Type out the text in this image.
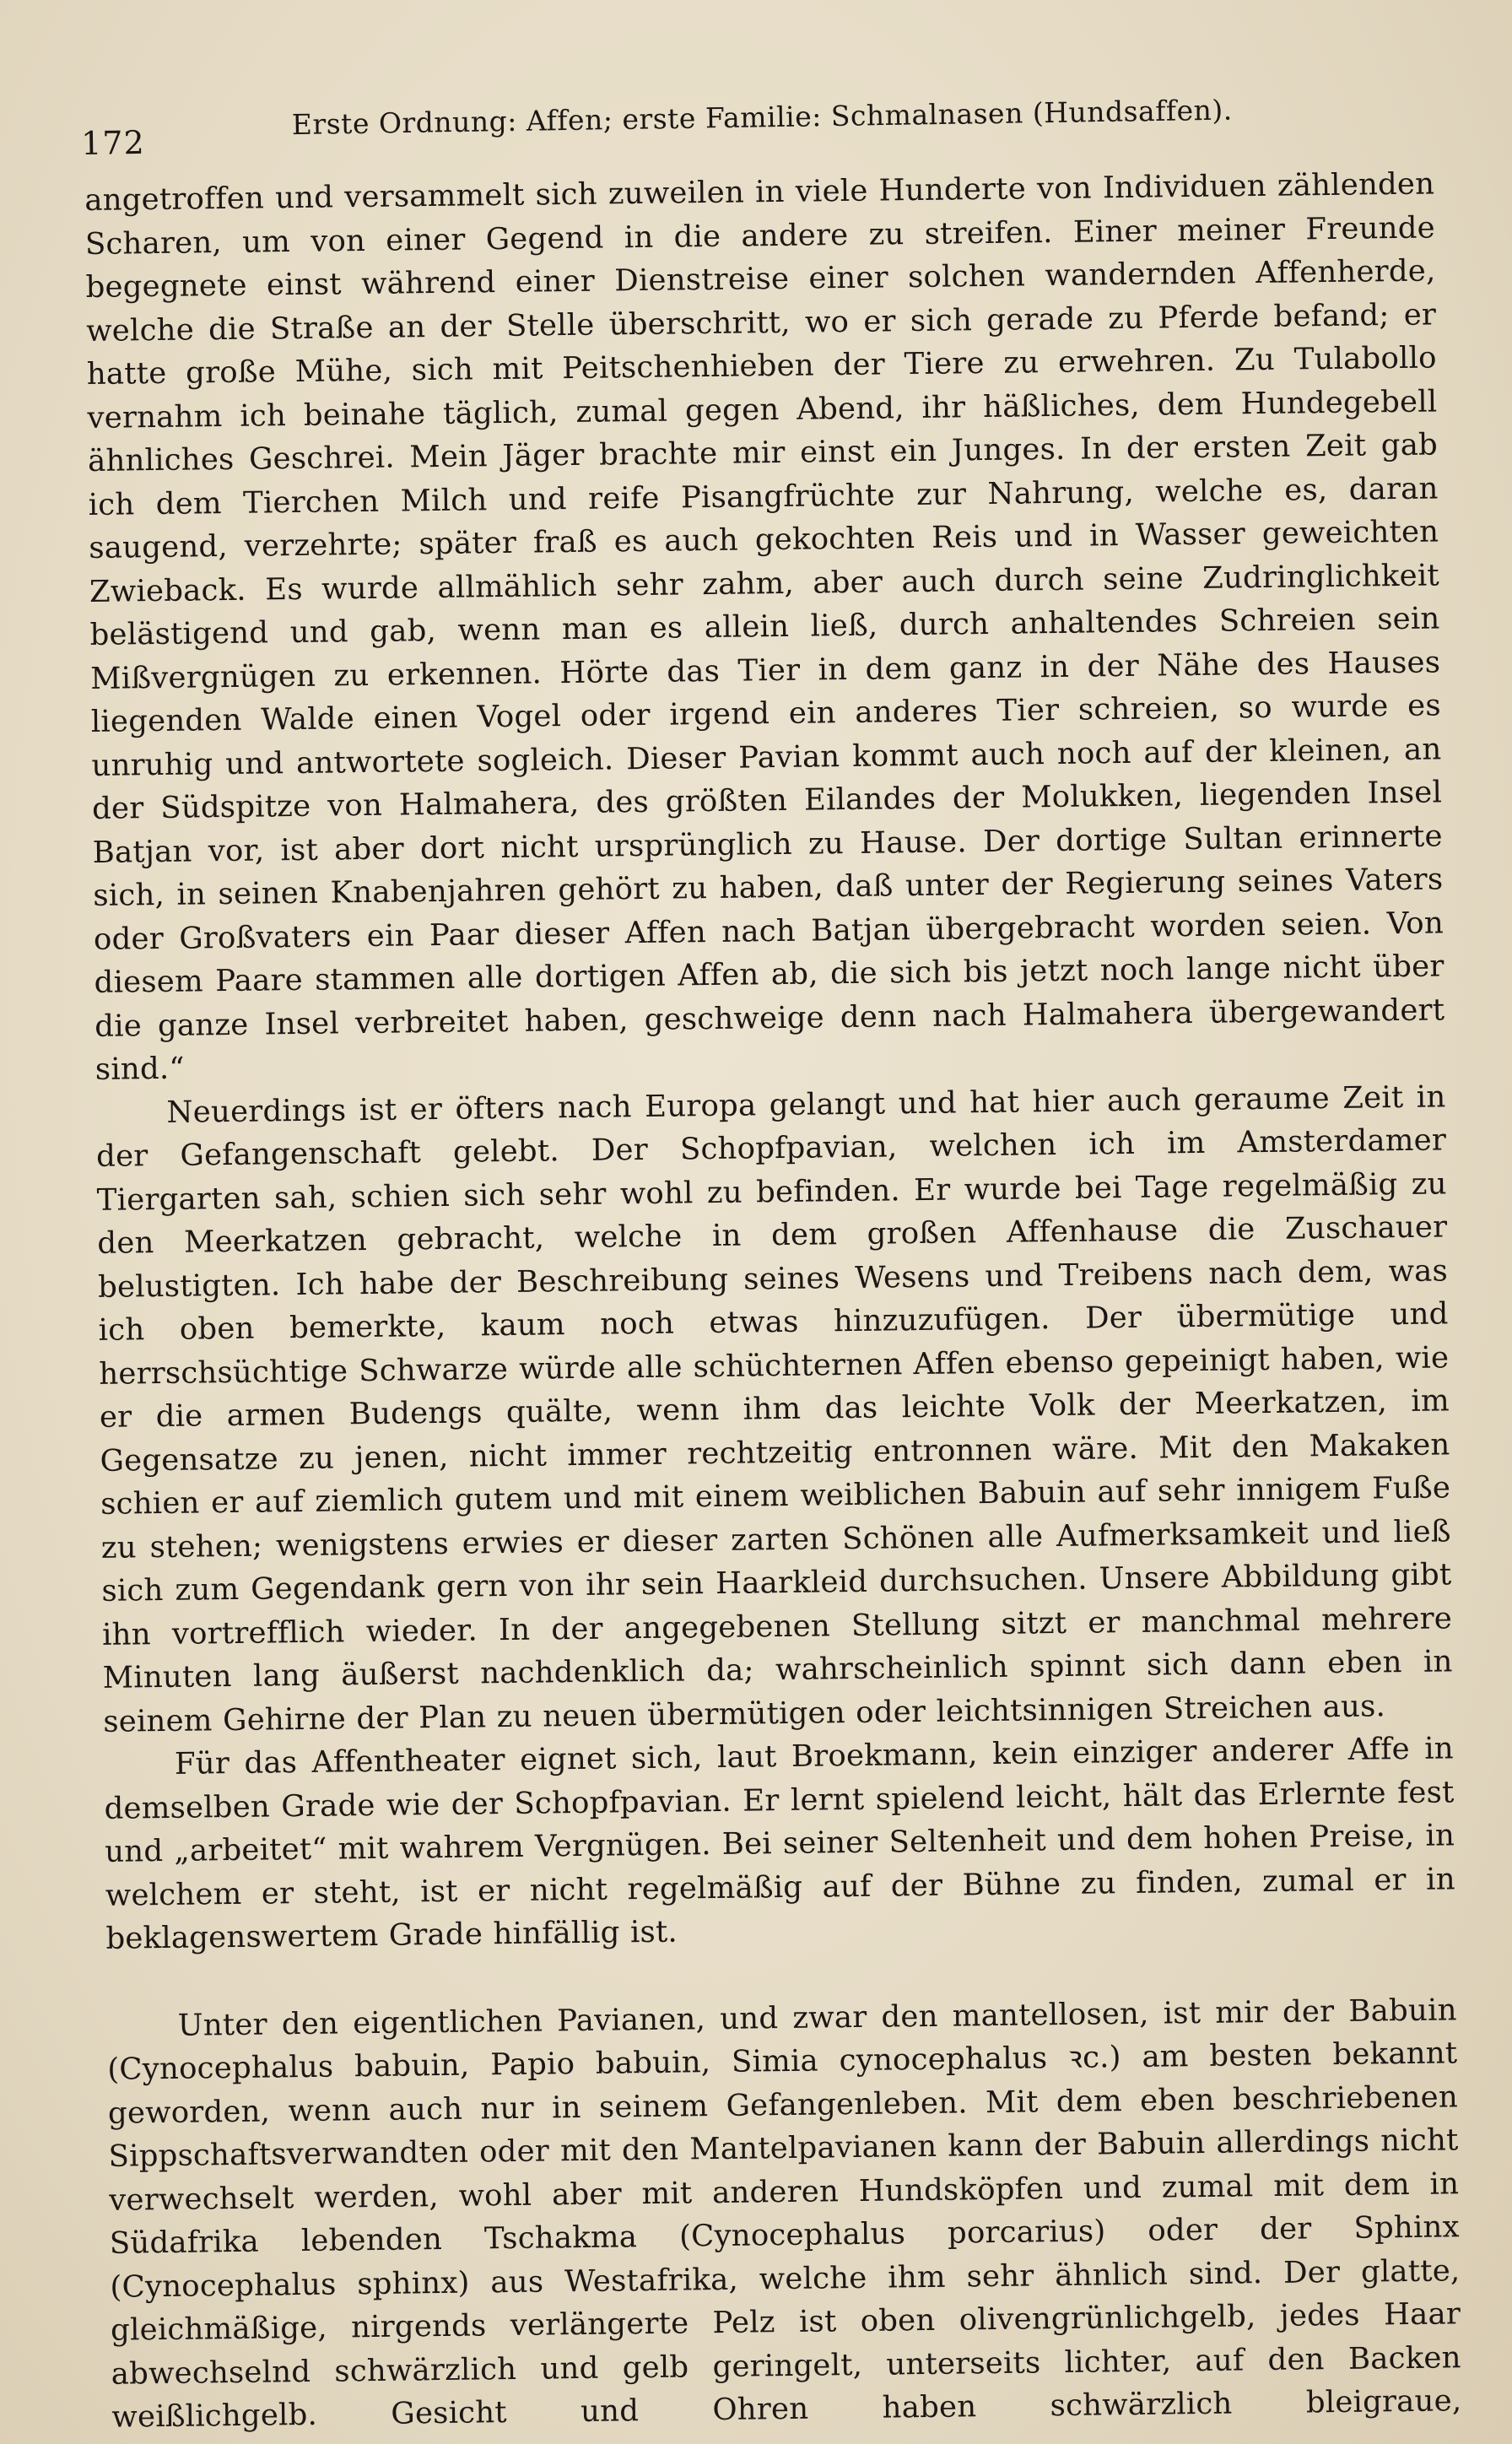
172
Erste Ordnung: Affen; erste Familie: Schmalnasen (Hundsaffen).

angetroffen und versammelt sich zuweilen in viele Hunderte von Individuen zählenden Scharen, um von einer Gegend in die andere zu streifen. Einer meiner Freunde begegnete einst während einer Dienstreise einer solchen wandernden Affenherde, welche die Straße an der Stelle überschritt, wo er sich gerade zu Pferde befand; er hatte große Mühe, sich mit Peitschenhieben der Tiere zu erwehren. Zu Tulabollo vernahm ich beinahe täglich, zumal gegen Abend, ihr häßliches, dem Hundegebell ähnliches Geschrei. Mein Jäger brachte mir einst ein Junges. In der ersten Zeit gab ich dem Tierchen Milch und reife Pisangfrüchte zur Nahrung, welche es, daran saugend, verzehrte; später fraß es auch gekochten Reis und in Wasser geweichten Zwieback. Es wurde allmählich sehr zahm, aber auch durch seine Zudringlichkeit belästigend und gab, wenn man es allein ließ, durch anhaltendes Schreien sein Mißvergnügen zu erkennen. Hörte das Tier in dem ganz in der Nähe des Hauses liegenden Walde einen Vogel oder irgend ein anderes Tier schreien, so wurde es unruhig und antwortete sogleich. Dieser Pavian kommt auch noch auf der kleinen, an der Südspitze von Halmahera, des größten Eilandes der Molukken, liegenden Insel Batjan vor, ist aber dort nicht ursprünglich zu Hause. Der dortige Sultan erinnerte sich, in seinen Knabenjahren gehört zu haben, daß unter der Regierung seines Vaters oder Großvaters ein Paar dieser Affen nach Batjan übergebracht worden seien. Von diesem Paare stammen alle dortigen Affen ab, die sich bis jetzt noch lange nicht über die ganze Insel verbreitet haben, geschweige denn nach Halmahera übergewandert sind.“

Neuerdings ist er öfters nach Europa gelangt und hat hier auch geraume Zeit in der Gefangenschaft gelebt. Der Schopfpavian, welchen ich im Amsterdamer Tiergarten sah, schien sich sehr wohl zu befinden. Er wurde bei Tage regelmäßig zu den Meerkatzen gebracht, welche in dem großen Affenhause die Zuschauer belustigten. Ich habe der Beschreibung seines Wesens und Treibens nach dem, was ich oben bemerkte, kaum noch etwas hinzuzufügen. Der übermütige und herrschsüchtige Schwarze würde alle schüchternen Affen ebenso gepeinigt haben, wie er die armen Budengs quälte, wenn ihm das leichte Volk der Meerkatzen, im Gegensatze zu jenen, nicht immer rechtzeitig entronnen wäre. Mit den Makaken schien er auf ziemlich gutem und mit einem weiblichen Babuin auf sehr innigem Fuße zu stehen; wenigstens erwies er dieser zarten Schönen alle Aufmerksamkeit und ließ sich zum Gegendank gern von ihr sein Haarkleid durchsuchen. Unsere Abbildung gibt ihn vortrefflich wieder. In der angegebenen Stellung sitzt er manchmal mehrere Minuten lang äußerst nachdenklich da; wahrscheinlich spinnt sich dann eben in seinem Gehirne der Plan zu neuen übermütigen oder leichtsinnigen Streichen aus.

Für das Affentheater eignet sich, laut Broekmann, kein einziger anderer Affe in demselben Grade wie der Schopfpavian. Er lernt spielend leicht, hält das Erlernte fest und „arbeitet“ mit wahrem Vergnügen. Bei seiner Seltenheit und dem hohen Preise, in welchem er steht, ist er nicht regelmäßig auf der Bühne zu finden, zumal er in beklagenswertem Grade hinfällig ist.

Unter den eigentlichen Pavianen, und zwar den mantellosen, ist mir der Babuin (Cynocephalus babuin, Papio babuin, Simia cynocephalus ꝛc.) am besten bekannt geworden, wenn auch nur in seinem Gefangenleben. Mit dem eben beschriebenen Sippschaftsverwandten oder mit den Mantelpavianen kann der Babuin allerdings nicht verwechselt werden, wohl aber mit anderen Hundsköpfen und zumal mit dem in Südafrika lebenden Tschakma (Cynocephalus porcarius) oder der Sphinx (Cynocephalus sphinx) aus Westafrika, welche ihm sehr ähnlich sind. Der glatte, gleichmäßige, nirgends verlängerte Pelz ist oben olivengrünlichgelb, jedes Haar abwechselnd schwärzlich und gelb geringelt, unterseits lichter, auf den Backen weißlichgelb. Gesicht und Ohren haben schwärzlich bleigraue,
